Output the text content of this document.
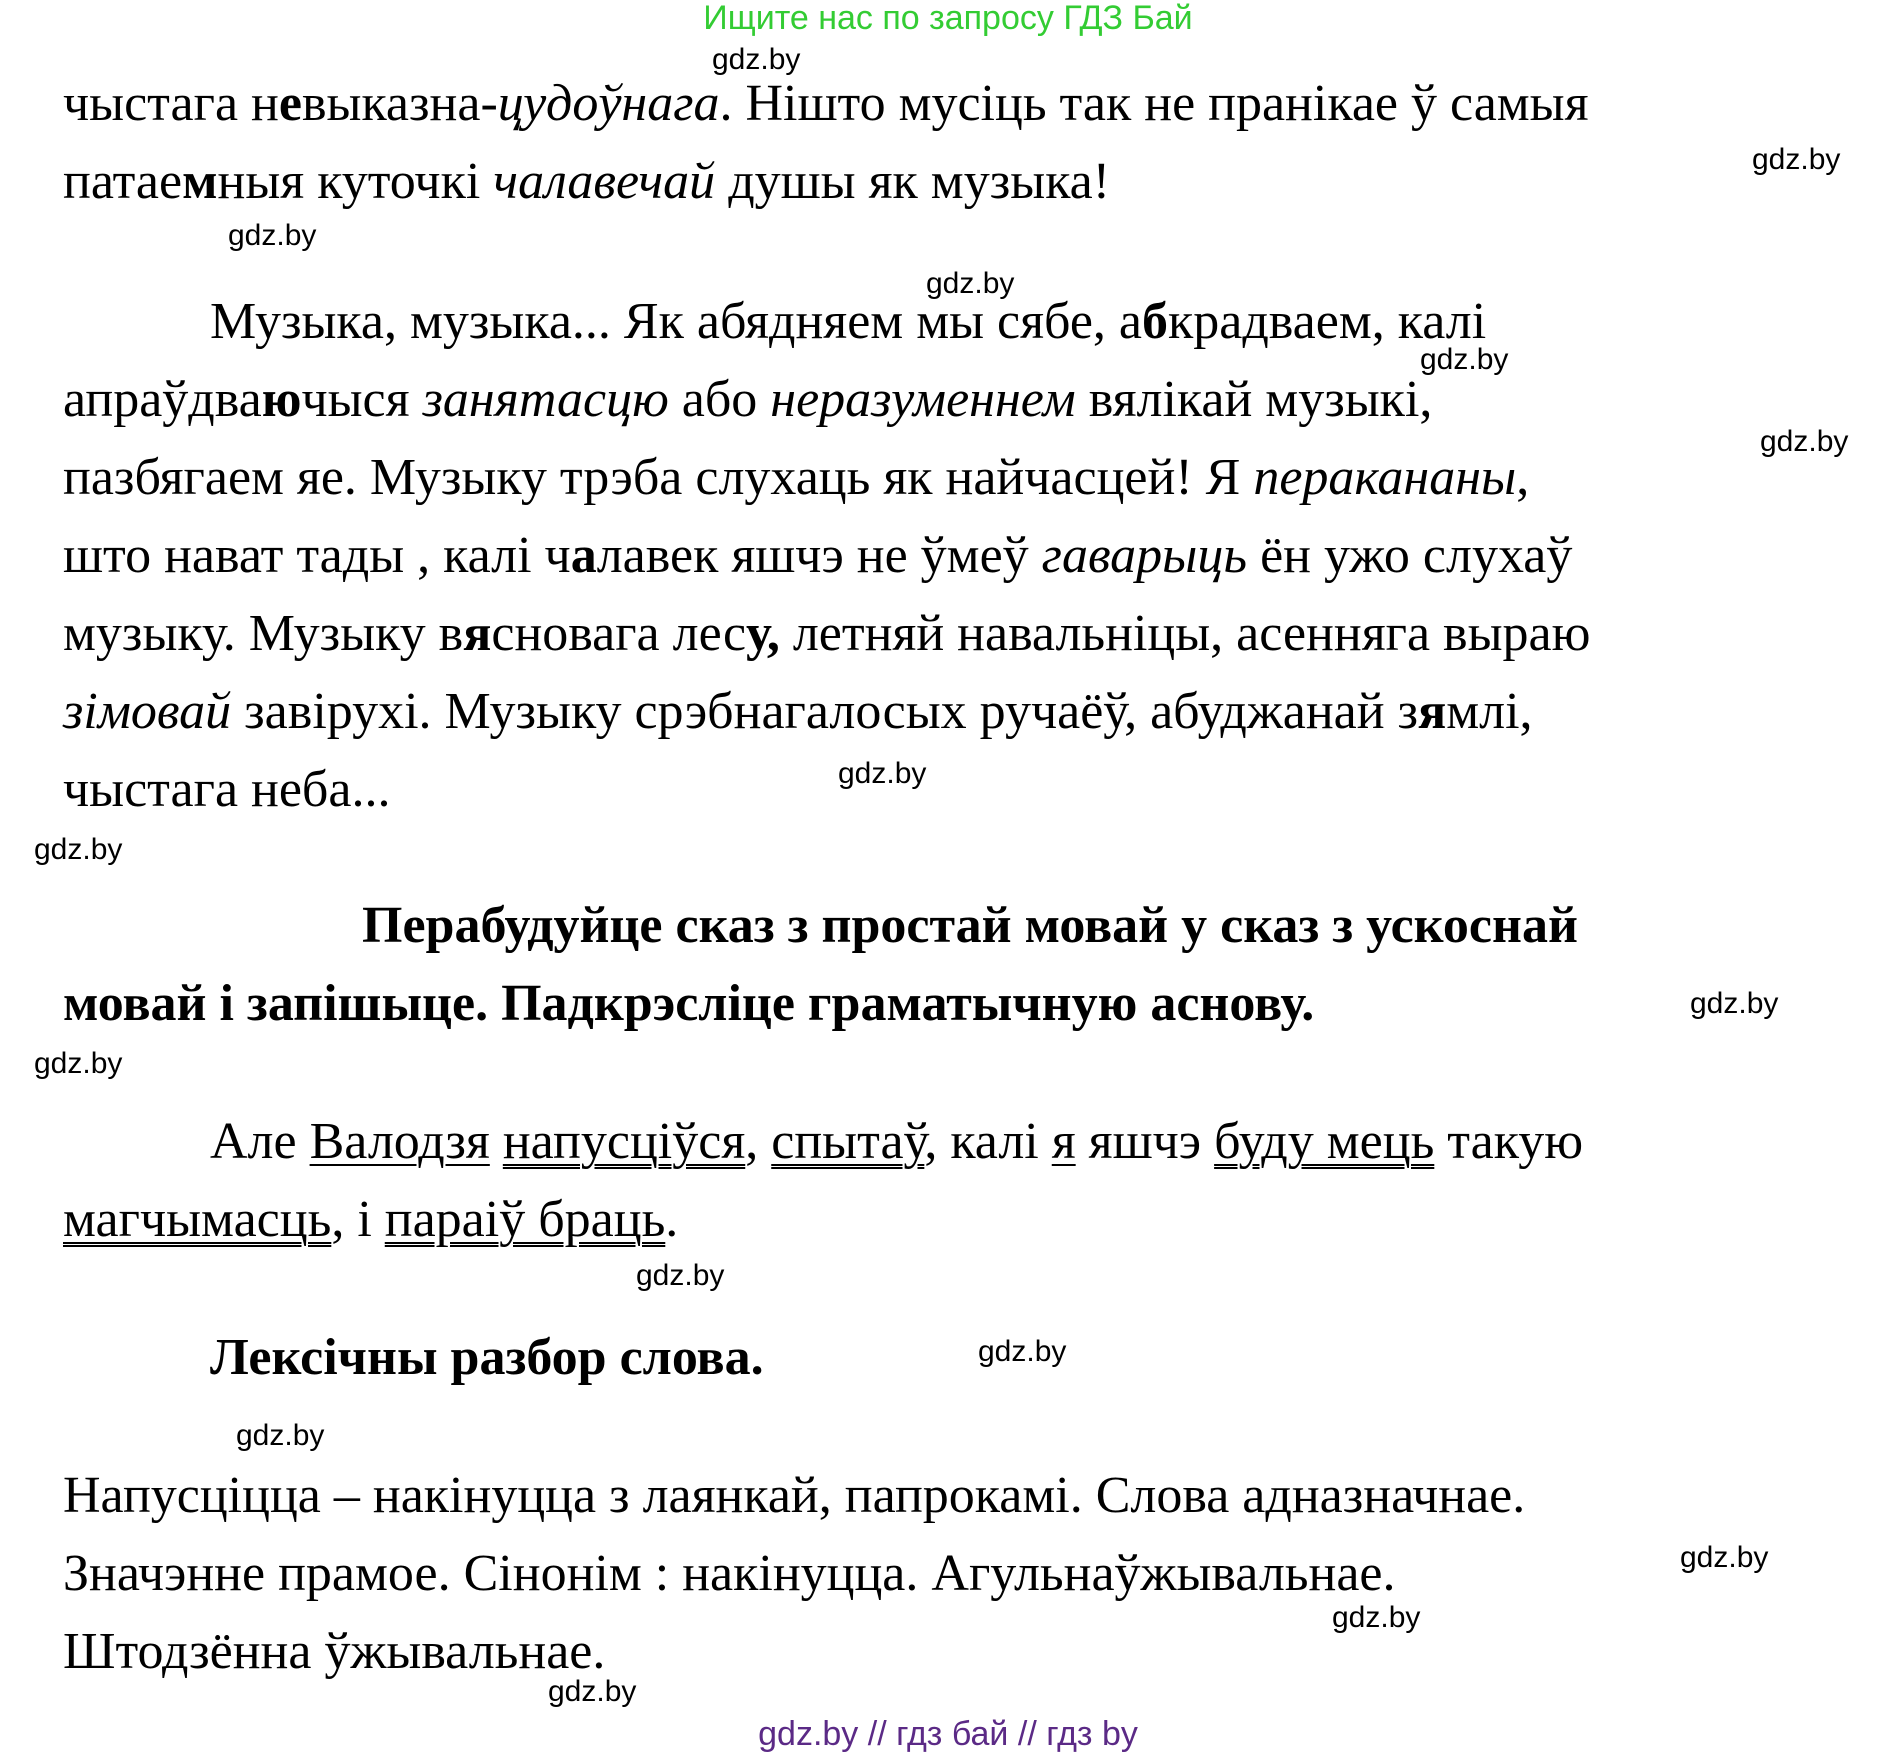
Ищите нас по запросу ГДЗ Бай
gdz.by
gdz.by
gdz.by
gdz.by
gdz.by
gdz.by
gdz.by
gdz.by
gdz.by
gdz.by
gdz.by
gdz.by
gdz.by
gdz.by
gdz.by
gdz.by
чыстага невыказна-цудоўнага. Нішто мусіць так не пранікае ў самыя
патаемныя куточкі чалавечай душы як музыка!
Музыка, музыка... Як абядняем мы сябе, абкрадваем, калі
апраўдваючыся занятасцю або неразуменнем вялікай музыкі,
пазбягаем яе. Музыку трэба слухаць як найчасцей! Я перакананы,
што нават тады , калі чалавек яшчэ не ўмеў гаварыць ён ужо слухаў
музыку. Музыку вясновага лесу, летняй навальніцы, асенняга выраю
зімовай завірухі. Музыку срэбнагалосых ручаёў, абуджанай зямлі,
чыстага неба...
Перабудуйце сказ з простай мовай у сказ з ускоснай
мовай і запішыце. Падкрэсліце граматычную аснову.
Але Валодзя напусціўся, спытаў, калі я яшчэ буду мець такую
магчымасць, і параіў браць.
Лексічны разбор слова.
Напусціцца – накінуцца з лаянкай, папрокамі. Слова адназначнае.
Значэнне прамое. Сінонім : накінуцца. Агульнаўжывальнае.
Штодзённа ўжывальнае.
gdz.by // гдз бай // гдз by
